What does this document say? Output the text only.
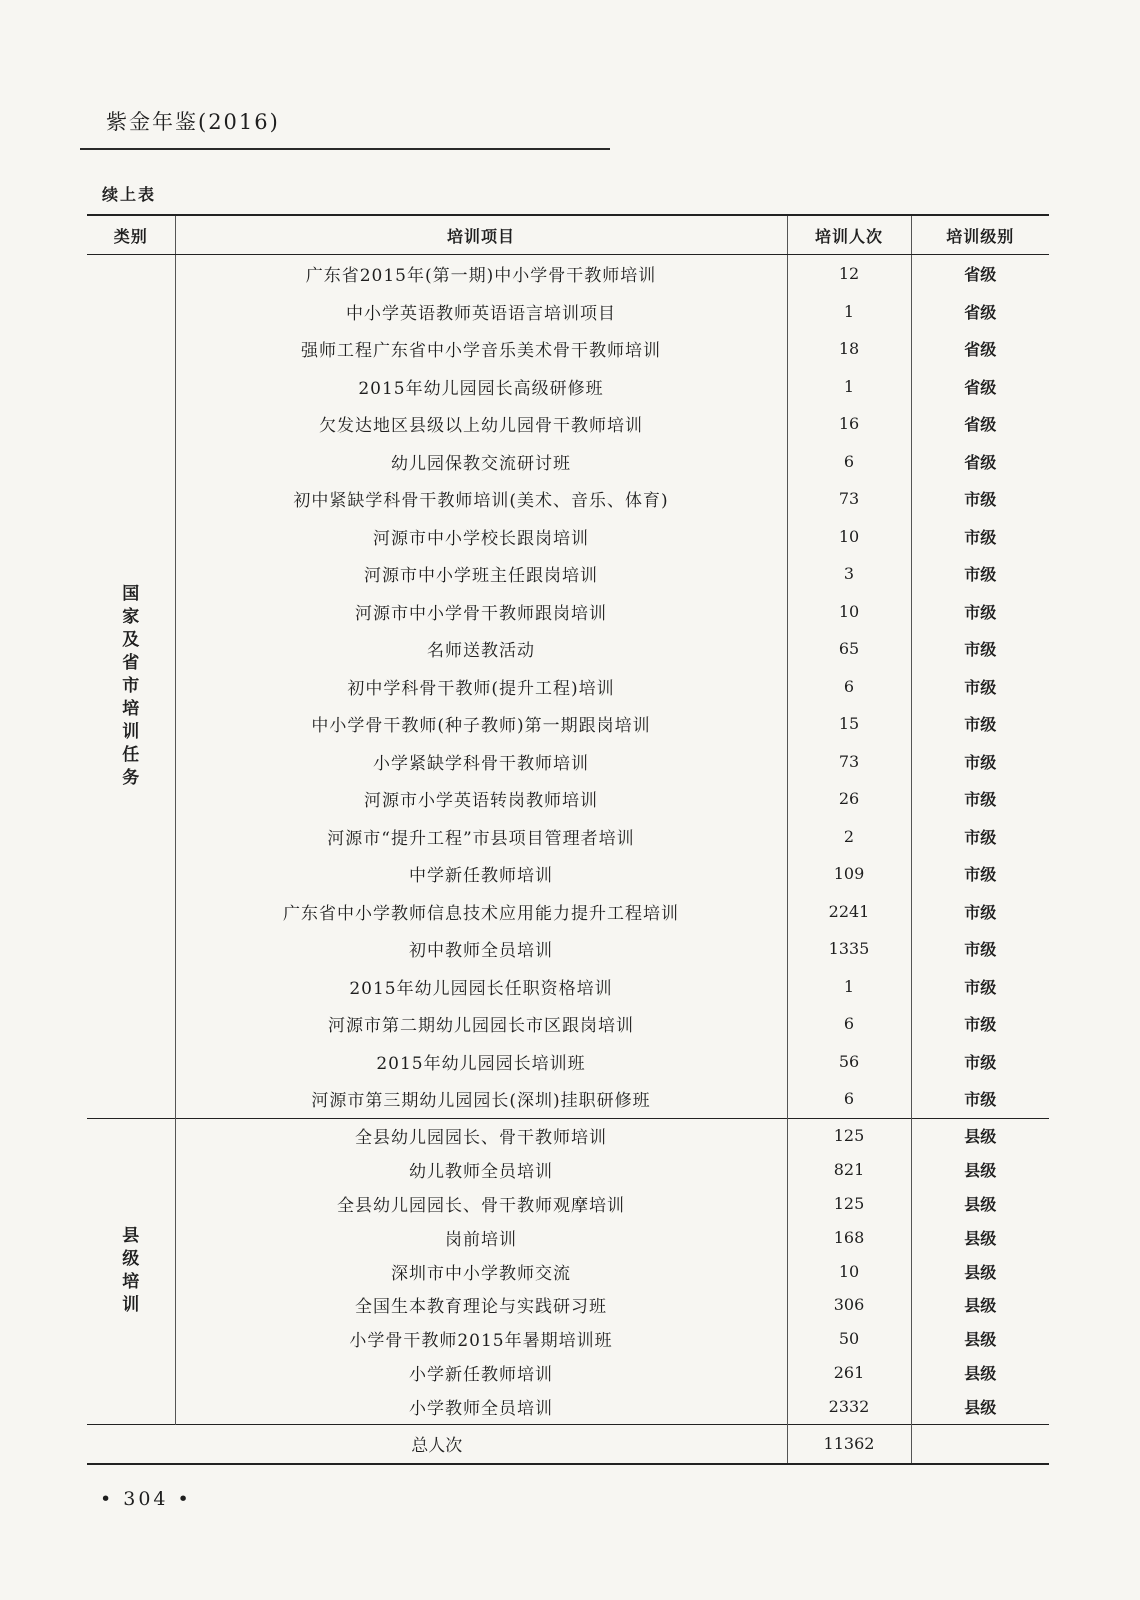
紫金年鉴(2016)
续上表
类别	培训项目	培训人次	培训级别
国家及省市培训任务	广东省2015年(第一期)中小学骨干教师培训	12	省级
	中小学英语教师英语语言培训项目	1	省级
	强师工程广东省中小学音乐美术骨干教师培训	18	省级
	2015年幼儿园园长高级研修班	1	省级
	欠发达地区县级以上幼儿园骨干教师培训	16	省级
	幼儿园保教交流研讨班	6	省级
	初中紧缺学科骨干教师培训(美术、音乐、体育)	73	市级
	河源市中小学校长跟岗培训	10	市级
	河源市中小学班主任跟岗培训	3	市级
	河源市中小学骨干教师跟岗培训	10	市级
	名师送教活动	65	市级
	初中学科骨干教师(提升工程)培训	6	市级
	中小学骨干教师(种子教师)第一期跟岗培训	15	市级
	小学紧缺学科骨干教师培训	73	市级
	河源市小学英语转岗教师培训	26	市级
	河源市“提升工程”市县项目管理者培训	2	市级
	中学新任教师培训	109	市级
	广东省中小学教师信息技术应用能力提升工程培训	2241	市级
	初中教师全员培训	1335	市级
	2015年幼儿园园长任职资格培训	1	市级
	河源市第二期幼儿园园长市区跟岗培训	6	市级
	2015年幼儿园园长培训班	56	市级
	河源市第三期幼儿园园长(深圳)挂职研修班	6	市级
县级培训	全县幼儿园园长、骨干教师培训	125	县级
	幼儿教师全员培训	821	县级
	全县幼儿园园长、骨干教师观摩培训	125	县级
	岗前培训	168	县级
	深圳市中小学教师交流	10	县级
	全国生本教育理论与实践研习班	306	县级
	小学骨干教师2015年暑期培训班	50	县级
	小学新任教师培训	261	县级
	小学教师全员培训	2332	县级
总人次		11362	
• 304 •
